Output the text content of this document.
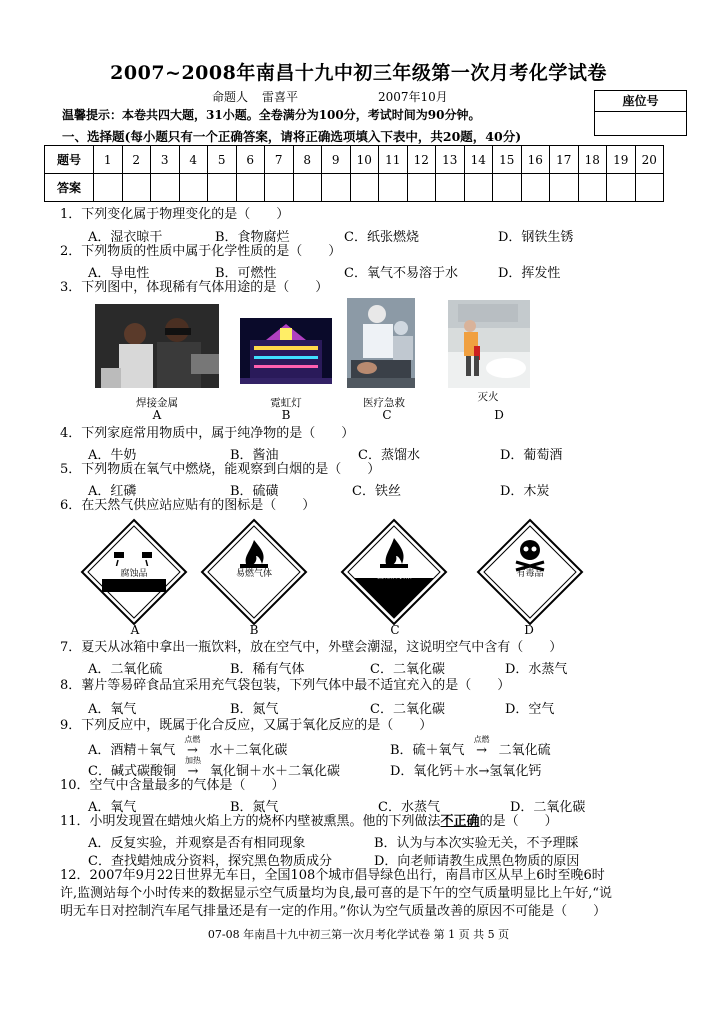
2007~2008年南昌十九中初三年级第一次月考化学试卷
命题人 雷喜平	2007年10月	座位号
温馨提示：本卷共四大题，31小题。全卷满分为100分，考试时间为90分钟。
一、选择题(每小题只有一个正确答案，请将正确选项填入下表中，共20题，40分)
题号	1	2	3	4	5	6	7	8	9	10	11	12	13	14	15	16	17	18	19	20
答案																				
1．下列变化属于物理变化的是（　　）
A．湿衣晾干	B．食物腐烂	C．纸张燃烧	D．钢铁生锈
2．下列物质的性质中属于化学性质的是（　　）
A．导电性	B．可燃性	C．氧气不易溶于水	D．挥发性
3．下列图中，体现稀有气体用途的是（　　）
焊接金属
A
霓虹灯
B
医疗急救
C
灭火
D
4．下列家庭常用物质中，属于纯净物的是（　　）
A．牛奶	B．酱油	C．蒸馏水	D．葡萄酒
5．下列物质在氧气中燃烧，能观察到白烟的是（　　）
A．红磷	B．硫磺	C．铁丝	D．木炭
6．在天然气供应站应贴有的图标是（　　）
腐蚀品	易燃气体	自燃物品	有毒品
A	B	C	D
7．夏天从冰箱中拿出一瓶饮料，放在空气中，外壁会潮湿，这说明空气中含有（　　）
A．二氧化硫	B．稀有气体	C．二氧化碳	D．水蒸气
8．薯片等易碎食品宜采用充气袋包装，下列气体中最不适宜充入的是（　　）
A．氧气	B．氮气	C．二氧化碳	D．空气
9．下列反应中，既属于化合反应，又属于氧化反应的是（　　）
A．酒精＋氧气
点燃
→ 水＋二氧化碳	B．硫＋氧气
点燃
→ 二氧化硫
C．碱式碳酸铜
加热
→ 氧化铜＋水＋二氧化碳	D．氧化钙＋水→氢氧化钙
10．空气中含量最多的气体是（　　）
A．氧气	B．氮气	C．水蒸气	D．二氧化碳
11．小明发现置在蜡烛火焰上方的烧杯内壁被熏黑。他的下列做法不正确的是（　　）
A．反复实验，并观察是否有相同现象	B．认为与本次实验无关，不予理睬
C．查找蜡烛成分资料，探究黑色物质成分	D．向老师请教生成黑色物质的原因
12．2007年9月22日世界无车日，全国108个城市倡导绿色出行，南昌市区从早上6时至晚6时
许,监测站每个小时传来的数据显示空气质量均为良,最可喜的是下午的空气质量明显比上午好,“说
明无车日对控制汽车尾气排量还是有一定的作用。”你认为空气质量改善的原因不可能是（　　）
07-08 年南昌十九中初三第一次月考化学试卷 第 1 页 共 5 页
